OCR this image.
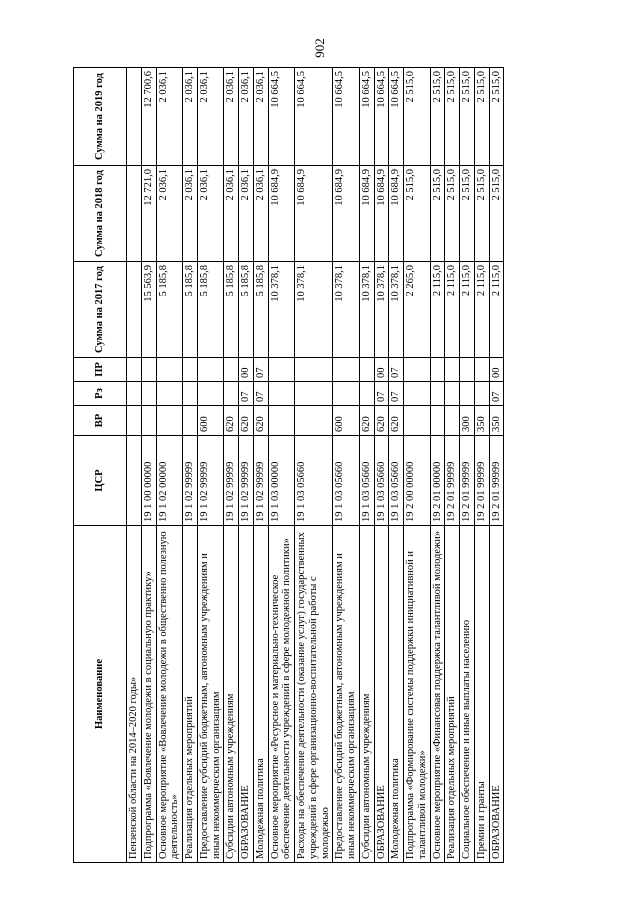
902
Наименование	ЦСР	ВР	Рз	ПР	Сумма на 2017 год	Сумма на 2018 год	Сумма на 2019 год
Пензенской области на 2014–2020 годы»							
Подпрограмма «Вовлечение молодежи в социальную практику»	19 1 00 00000				15 563,9	12 721,0	12 700,6
Основное мероприятие «Вовлечение молодежи в общественно полезную деятельность»	19 1 02 00000				5 185,8	2 036,1	2 036,1
Реализация отдельных мероприятий	19 1 02 99999				5 185,8	2 036,1	2 036,1
Предоставление субсидий бюджетным, автономным учреждениям и иным некоммерческим организациям	19 1 02 99999	600			5 185,8	2 036,1	2 036,1
Субсидии автономным учреждениям	19 1 02 99999	620			5 185,8	2 036,1	2 036,1
ОБРАЗОВАНИЕ	19 1 02 99999	620	07	00	5 185,8	2 036,1	2 036,1
Молодежная политика	19 1 02 99999	620	07	07	5 185,8	2 036,1	2 036,1
Основное мероприятие «Ресурсное и материально-техническое обеспечение деятельности учреждений в сфере молодежной политики»	19 1 03 00000				10 378,1	10 684,9	10 664,5
Расходы на обеспечение деятельности (оказание услуг) государственных учреждений в сфере организационно-воспитательной работы с молодежью	19 1 03 05660				10 378,1	10 684,9	10 664,5
Предоставление субсидий бюджетным, автономным учреждениям и иным некоммерческим организациям	19 1 03 05660	600			10 378,1	10 684,9	10 664,5
Субсидии автономным учреждениям	19 1 03 05660	620			10 378,1	10 684,9	10 664,5
ОБРАЗОВАНИЕ	19 1 03 05660	620	07	00	10 378,1	10 684,9	10 664,5
Молодежная политика	19 1 03 05660	620	07	07	10 378,1	10 684,9	10 664,5
Подпрограмма «Формирование системы поддержки инициативной и талантливой молодежи»	19 2 00 00000				2 265,0	2 515,0	2 515,0
Основное мероприятие «Финансовая поддержка талантливой молодежи»	19 2 01 00000				2 115,0	2 515,0	2 515,0
Реализация отдельных мероприятий	19 2 01 99999				2 115,0	2 515,0	2 515,0
Социальное обеспечение и иные выплаты населению	19 2 01 99999	300			2 115,0	2 515,0	2 515,0
Премии и гранты	19 2 01 99999	350			2 115,0	2 515,0	2 515,0
ОБРАЗОВАНИЕ	19 2 01 99999	350	07	00	2 115,0	2 515,0	2 515,0
